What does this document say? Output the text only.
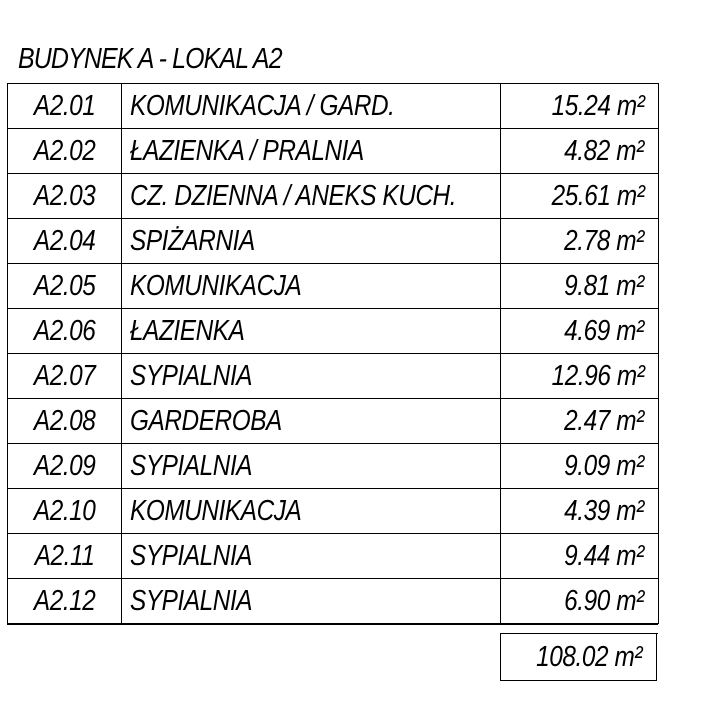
BUDYNEK A - LOKAL A2
A2.01	KOMUNIKACJA / GARD.	15.24 m²
A2.02	ŁAZIENKA / PRALNIA	4.82 m²
A2.03	CZ. DZIENNA / ANEKS KUCH.	25.61 m²
A2.04	SPIŻARNIA	2.78 m²
A2.05	KOMUNIKACJA	9.81 m²
A2.06	ŁAZIENKA	4.69 m²
A2.07	SYPIALNIA	12.96 m²
A2.08	GARDEROBA	2.47 m²
A2.09	SYPIALNIA	9.09 m²
A2.10	KOMUNIKACJA	4.39 m²
A2.11	SYPIALNIA	9.44 m²
A2.12	SYPIALNIA	6.90 m²
108.02 m²
